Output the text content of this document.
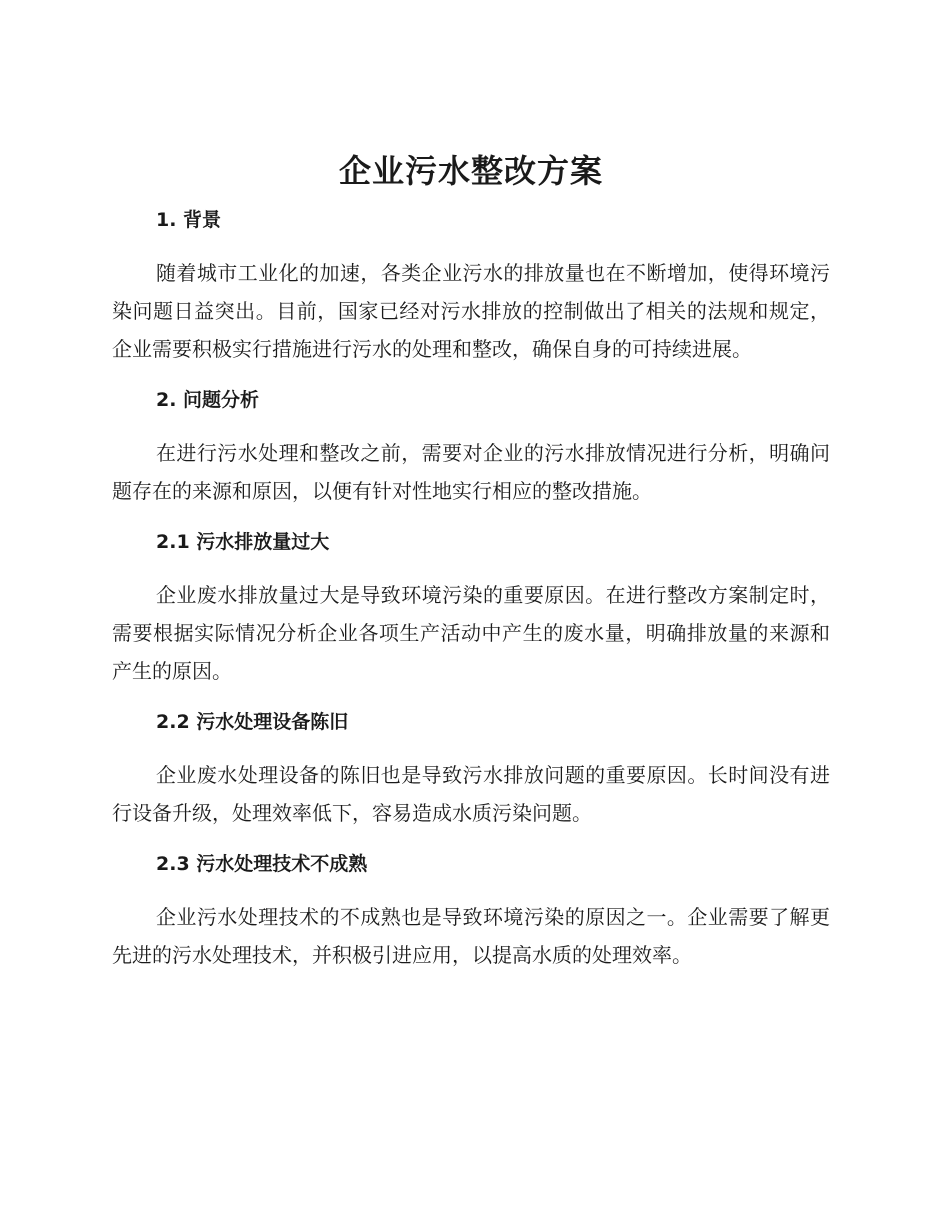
企业污水整改方案
1. 背景

随着城市工业化的加速，各类企业污水的排放量也在不断增加，使得环境污染问题日益突出。目前，国家已经对污水排放的控制做出了相关的法规和规定，企业需要积极实行措施进行污水的处理和整改，确保自身的可持续进展。

2. 问题分析

在进行污水处理和整改之前，需要对企业的污水排放情况进行分析，明确问题存在的来源和原因，以便有针对性地实行相应的整改措施。

2.1 污水排放量过大

企业废水排放量过大是导致环境污染的重要原因。在进行整改方案制定时，需要根据实际情况分析企业各项生产活动中产生的废水量，明确排放量的来源和产生的原因。

2.2 污水处理设备陈旧

企业废水处理设备的陈旧也是导致污水排放问题的重要原因。长时间没有进行设备升级，处理效率低下，容易造成水质污染问题。

2.3 污水处理技术不成熟

企业污水处理技术的不成熟也是导致环境污染的原因之一。企业需要了解更先进的污水处理技术，并积极引进应用，以提高水质的处理效率。
